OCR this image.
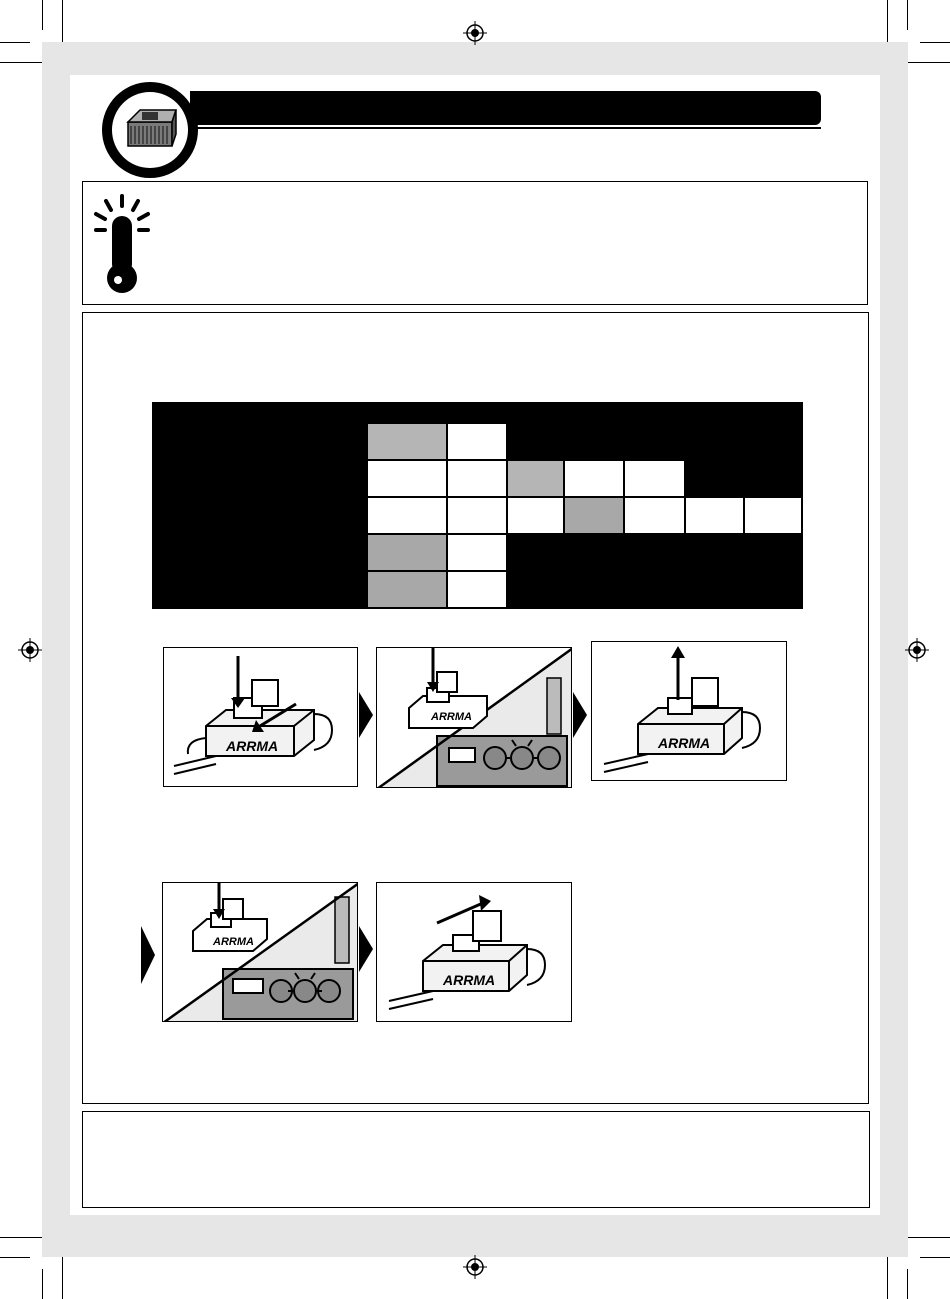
ARRMA
ARRMA
ARRMA
ARRMA
ARRMA
